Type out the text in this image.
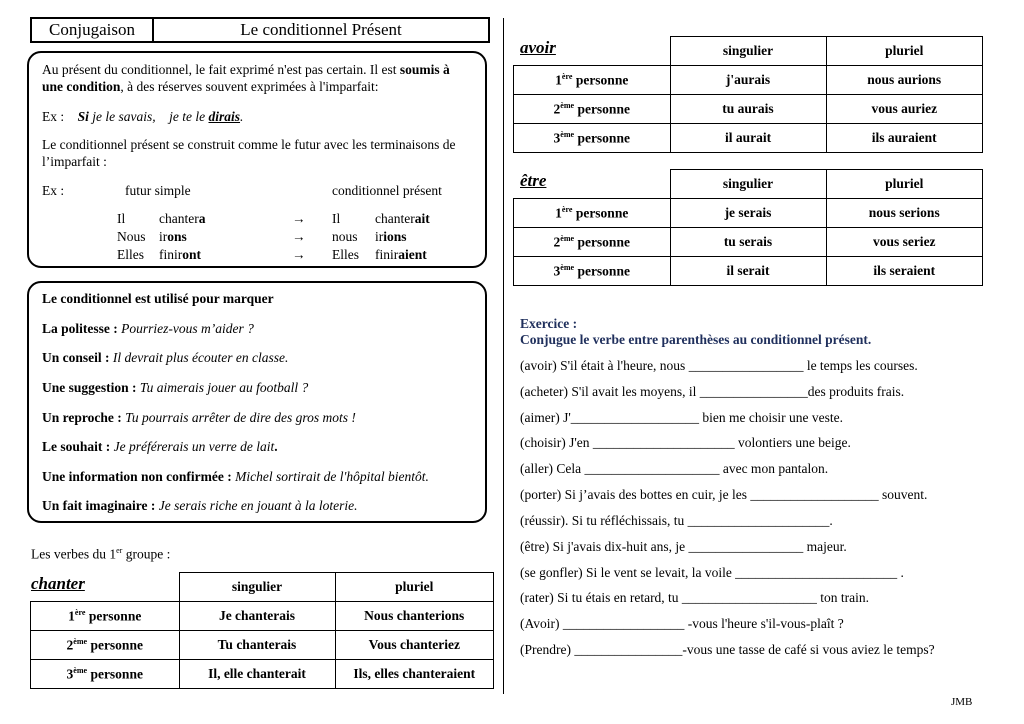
Conjugaison	Le conditionnel Présent

Au présent du conditionnel, le fait exprimé n'est pas certain. Il est soumis à une condition, à des réserves souvent exprimées à l'imparfait:

Ex : Si je le savais, je te le dirais.

Le conditionnel présent se construit comme le futur avec les terminaisons de l’imparfait :

Ex :	futur simple	conditionnel présent
Il	chantera	→ Il	chanterait
Nous irons	→ nous irions
Elles finiront	→ Elles finiraient
Le conditionnel est utilisé pour marquer
La politesse : Pourriez-vous m’aider ?
Un conseil : Il devrait plus écouter en classe.
Une suggestion : Tu aimerais jouer au football ?
Un reproche : Tu pourrais arrêter de dire des gros mots !
Le souhait : Je préférerais un verre de lait.
Une information non confirmée : Michel sortirait de l'hôpital bientôt.
Un fait imaginaire : Je serais riche en jouant à la loterie.
Les verbes du 1er groupe :
chanter
		singulier	pluriel
1ère personne	Je chanterais	Nous chanterions
2ème personne	Tu chanterais	Vous chanteriez
3ème personne	Il, elle chanterait	Ils, elles chanteraient
avoir
		singulier	pluriel
1ère personne	j'aurais	nous aurions
2ème personne	tu aurais	vous auriez
3ème personne	il aurait	ils auraient
être
		singulier	pluriel
1ère personne	je serais	nous serions
2ème personne	tu serais	vous seriez
3ème personne	il serait	ils seraient
Exercice :
Conjugue le verbe entre parenthèses au conditionnel présent.
(avoir) S'il était à l'heure, nous _________________ le temps les courses.
(acheter) S'il avait les moyens, il ________________des produits frais.
(aimer) J'___________________ bien me choisir une veste.
(choisir) J'en _____________________ volontiers une beige.
(aller) Cela ____________________ avec mon pantalon.
(porter) Si j’avais des bottes en cuir, je les ___________________ souvent.
(réussir). Si tu réfléchissais, tu _____________________.
(être) Si j'avais dix-huit ans, je _________________ majeur.
(se gonfler) Si le vent se levait, la voile ________________________ .
(rater) Si tu étais en retard, tu ____________________ ton train.
(Avoir) __________________ -vous l'heure s'il-vous-plaît ?
(Prendre) ________________-vous une tasse de café si vous aviez le temps?
JMB
